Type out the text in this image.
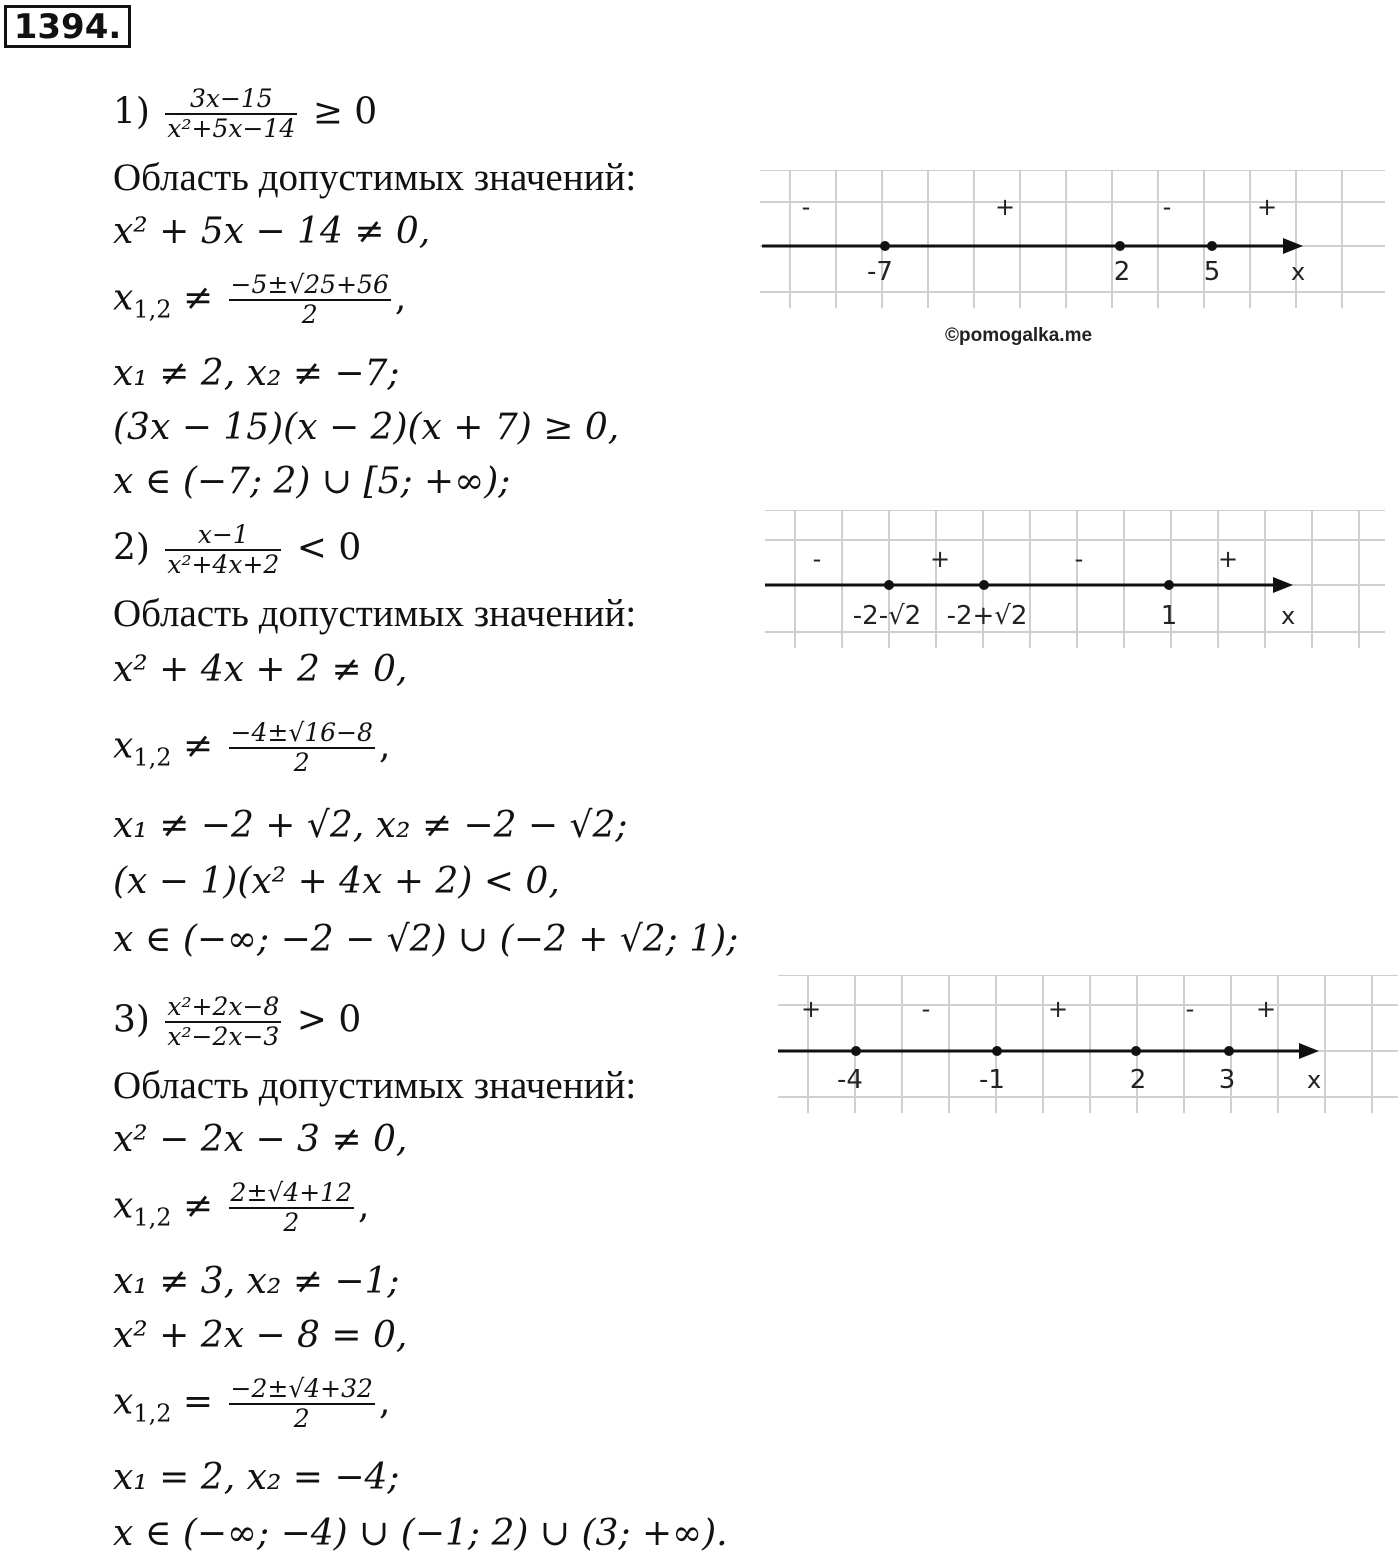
1394.
$1) \frac{3x-15}{\text{x²+5x−14}} \ge 0$
Область допустимых значений:
x² + 5x − 14 ≠ 0,
$x_{1,2} \ne \frac{-5\pm√25+56}{2}$ ,
x₁ ≠ 2, x₂ ≠ −7;
(3x − 15)(x − 2)(x + 7) ≥ 0,
x ∈ (−7; 2) ∪ [5; +∞);
$2) \frac{x-1}{\text{x²+4x+2}} < 0$
Область допустимых значений:
x² + 4x + 2 ≠ 0,
$x_{1,2} \ne \frac{-4\pm√16-8}{2}$ ,
x₁ ≠ −2 + √2, x₂ ≠ −2 − √2;
(x − 1)(x² + 4x + 2) < 0,
x ∈ (−∞; −2 − √2) ∪ (−2 + √2; 1);
$3) \frac{\text{x²+2x−8}}{\text{x²−2x−3}} > 0$
Область допустимых значений:
x² − 2x − 3 ≠ 0,
$x_{1,2} \ne \frac{2\pm√4+12}{2}$ ,
x₁ ≠ 3, x₂ ≠ −1;
x² + 2x − 8 = 0,
$x_{1,2} = \frac{-2\pm√4+32}{2}$ ,
x₁ = 2, x₂ = −4;
x ∈ (−∞; −4) ∪ (−1; 2) ∪ (3; +∞).
x
-7	2	5
-	+	-	+
©pomogalka.me
x
-2-√2 -2+√2	1
-	+	-	+
x
-4	-1	2	3
+	-	+	-	+
